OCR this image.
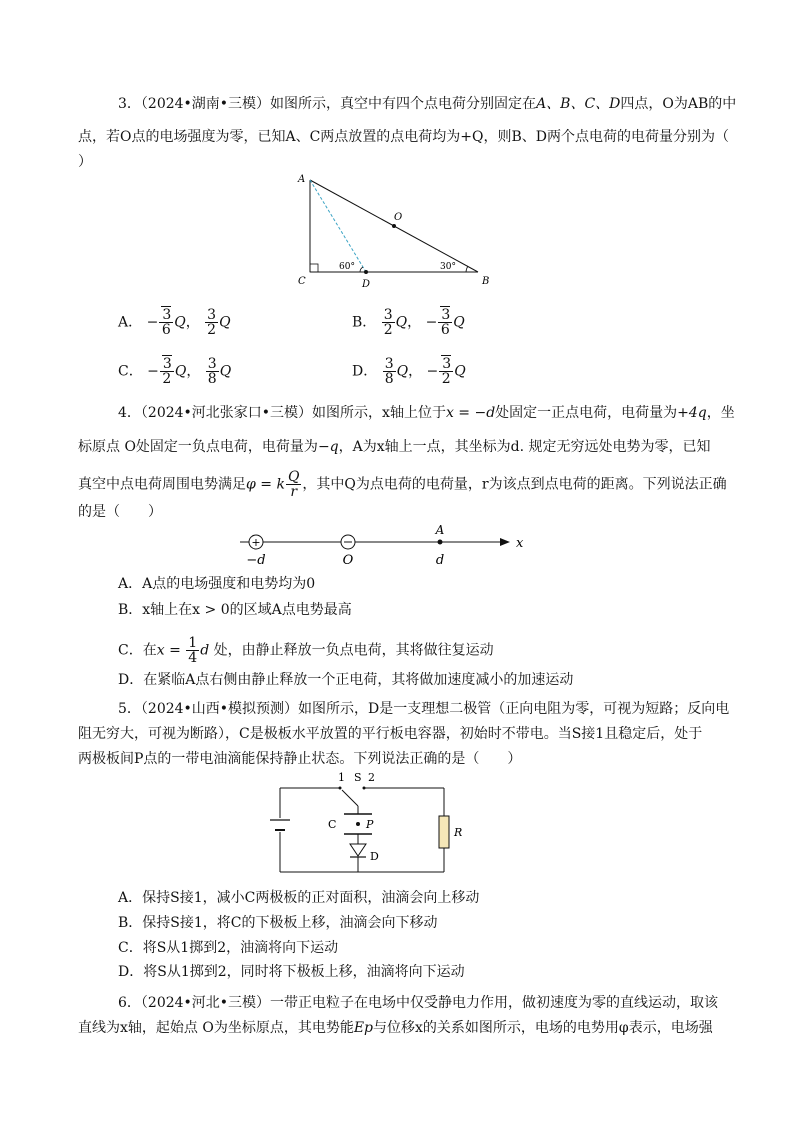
3．（2024•湖南•三模）如图所示，真空中有四个点电荷分别固定在A、B、C、D四点，O为AB的中
点，若O点的电场强度为零，已知A、C两点放置的点电荷均为+Q，则B、D两个点电荷的电荷量分别为（
）
A
O
C	D	B
60°	30°
A． − $\frac{3}{6}$ Q， $\frac{3}{2}$ Q	B． $\frac{3}{2}$ Q， − $\frac{3}{6}$ Q
C． − $\frac{3}{2}$ Q， $\frac{3}{8}$ Q	D． $\frac{3}{8}$ Q， − $\frac{3}{2}$ Q
4．（2024•河北张家口•三模）如图所示，x轴上位于x = −d处固定一正点电荷，电荷量为+4q，坐
标原点 O处固定一负点电荷，电荷量为−q，A为x轴上一点，其坐标为d. 规定无穷远处电势为零，已知
真空中点电荷周围电势满足φ = k $\frac{Q}{r}$ ，其中Q为点电荷的电荷量，r为该点到点电荷的距离。下列说法正确
的是（　　）
+
A
−d	O	d
x
A．A点的电场强度和电势均为0
B．x轴上在x > 0的区域A点电势最高
C．在$x = \frac{1}{4}$ d 处，由静止释放一负点电荷，其将做往复运动
D．在紧临A点右侧由静止释放一个正电荷，其将做加速度减小的加速运动
5．（2024•山西•模拟预测）如图所示，D是一支理想二极管（正向电阻为零，可视为短路；反向电
阻无穷大，可视为断路），C是极板水平放置的平行板电容器，初始时不带电。当S接1且稳定后，处于
两极板间P点的一带电油滴能保持静止状态。下列说法正确的是（　　）
1 S 2
C	P
D
R
A．保持S接1，减小C两极板的正对面积，油滴会向上移动
B．保持S接1，将C的下极板上移，油滴会向下移动
C．将S从1掷到2，油滴将向下运动
D．将S从1掷到2，同时将下极板上移，油滴将向下运动
6．（2024•河北•三模）一带正电粒子在电场中仅受静电力作用，做初速度为零的直线运动，取该
直线为x轴，起始点 O为坐标原点，其电势能Ep与位移x的关系如图所示，电场的电势用φ表示，电场强
